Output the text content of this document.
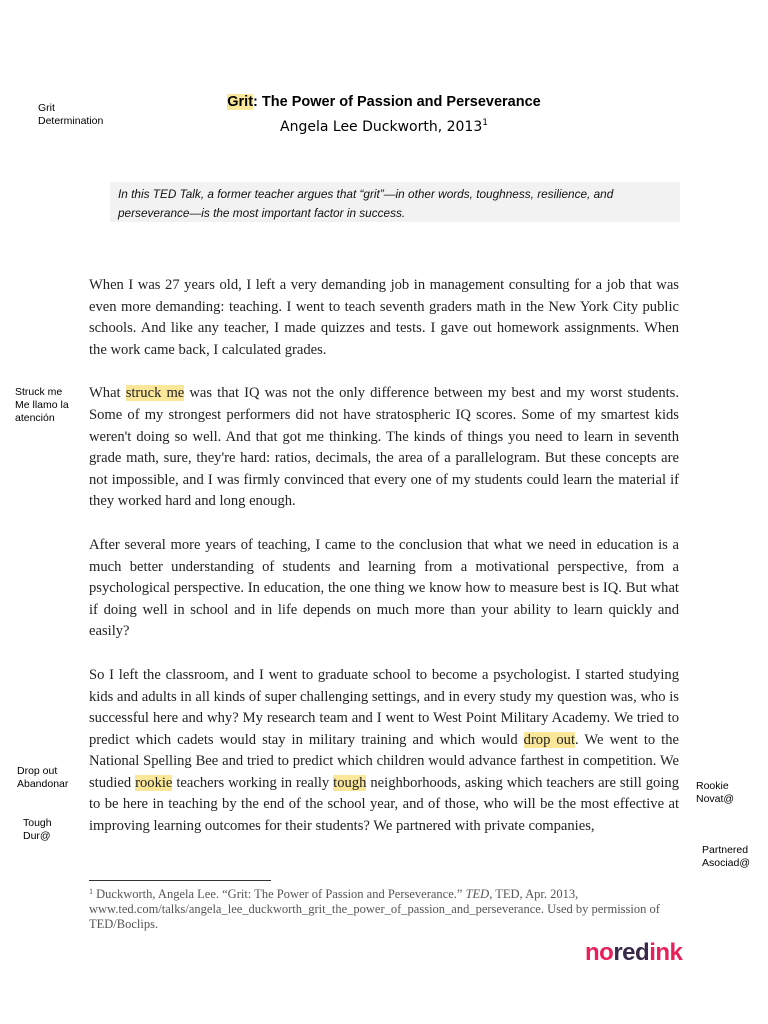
Grit: The Power of Passion and Perseverance
Angela Lee Duckworth, 2013$^1$
In this TED Talk, a former teacher argues that “grit”—in other words, toughness, resilience, and perseverance—is the most important factor in success.

When I was 27 years old, I left a very demanding job in management consulting for a job that was even more demanding: teaching. I went to teach seventh graders math in the New York City public schools. And like any teacher, I made quizzes and tests. I gave out homework assignments. When the work came back, I calculated grades.

What struck me was that IQ was not the only difference between my best and my worst students. Some of my strongest performers did not have stratospheric IQ scores. Some of my smartest kids weren't doing so well. And that got me thinking. The kinds of things you need to learn in seventh grade math, sure, they're hard: ratios, decimals, the area of a parallelogram. But these concepts are not impossible, and I was firmly convinced that every one of my students could learn the material if they worked hard and long enough.

After several more years of teaching, I came to the conclusion that what we need in education is a much better understanding of students and learning from a motivational perspective, from a psychological perspective. In education, the one thing we know how to measure best is IQ. But what if doing well in school and in life depends on much more than your ability to learn quickly and easily?

So I left the classroom, and I went to graduate school to become a psychologist. I started studying kids and adults in all kinds of super challenging settings, and in every study my question was, who is successful here and why? My research team and I went to West Point Military Academy. We tried to predict which cadets would stay in military training and which would drop out. We went to the National Spelling Bee and tried to predict which children would advance farthest in competition. We studied rookie teachers working in really tough neighborhoods, asking which teachers are still going to be here in teaching by the end of the school year, and of those, who will be the most effective at improving learning outcomes for their students? We partnered with private companies,

Grit
Determination
Struck me
Me llamo la
atención
Drop out
Abandonar
Tough
Dur@
Rookie
Novat@
Partnered
Asociad@
$^1$ Duckworth, Angela Lee. “Grit: The Power of Passion and Perseverance.” TED, TED, Apr. 2013, www.ted.com/talks/angela_lee_duckworth_grit_the_power_of_passion_and_perseverance. Used by permission of TED/Boclips.
noredink
